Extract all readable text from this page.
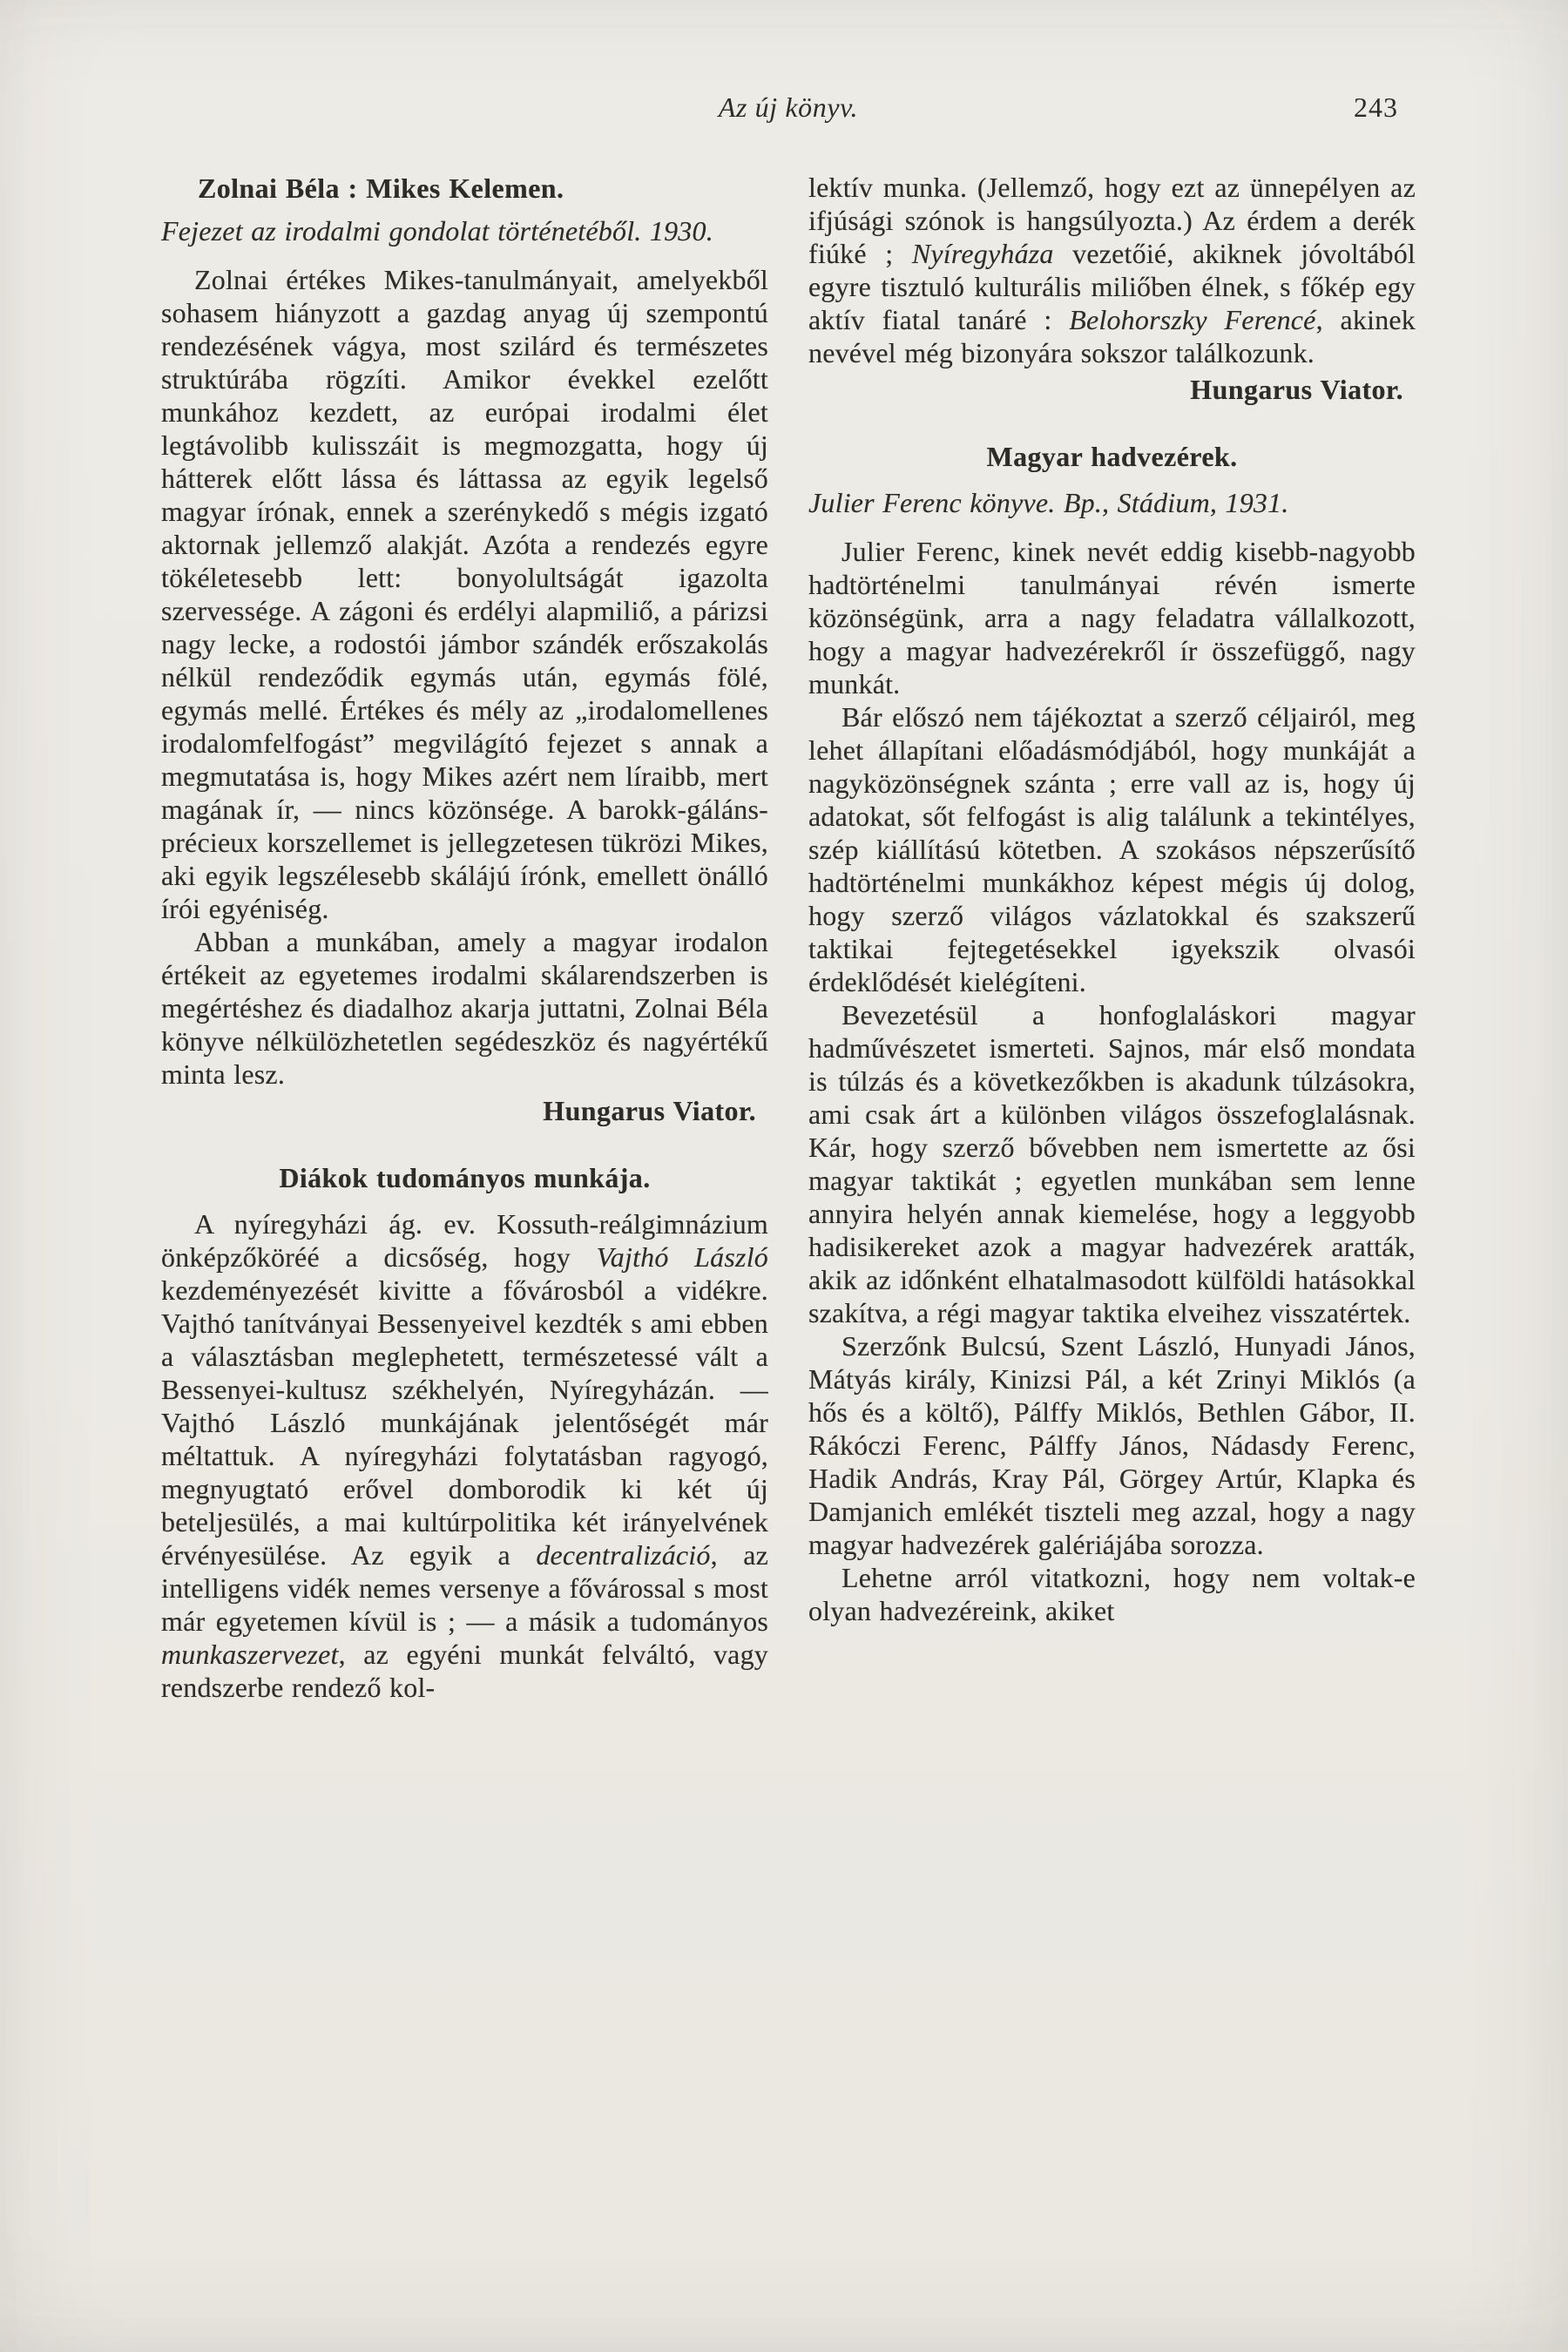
Az új könyv.	243
Zolnai Béla : Mikes Kelemen.
Fejezet az irodalmi gondolat történetéből. 1930.

Zolnai értékes Mikes-tanulmányait, amelyekből sohasem hiányzott a gazdag anyag új szempontú rendezésének vágya, most szilárd és természetes struktúrába rögzíti. Amikor évekkel ezelőtt munkához kezdett, az európai irodalmi élet legtávolibb kulisszáit is megmozgatta, hogy új hátterek előtt lássa és láttassa az egyik legelső magyar írónak, ennek a szerénykedő s mégis izgató aktornak jellemző alakját. Azóta a rendezés egyre tökéletesebb lett: bonyolultságát igazolta szervessége. A zágoni és erdélyi alapmiliő, a párizsi nagy lecke, a rodostói jámbor szándék erőszakolás nélkül rendeződik egymás után, egymás fölé, egymás mellé. Értékes és mély az „irodalomellenes irodalomfelfogást” megvilágító fejezet s annak a megmutatása is, hogy Mikes azért nem líraibb, mert magának ír, — nincs közönsége. A barokk-gáláns-précieux korszellemet is jellegzetesen tükrözi Mikes, aki egyik legszélesebb skálájú írónk, emellett önálló írói egyéniség.

Abban a munkában, amely a magyar irodalon értékeit az egyetemes irodalmi skálarendszerben is megértéshez és diadalhoz akarja juttatni, Zolnai Béla könyve nélkülözhetetlen segédeszköz és nagyértékű minta lesz.

Hungarus Viator.
Diákok tudományos munkája.

A nyíregyházi ág. ev. Kossuth-reálgimnázium önképzőköréé a dicsőség, hogy Vajthó László kezdeményezését kivitte a fővárosból a vidékre. Vajthó tanítványai Bessenyeivel kezdték s ami ebben a választásban meglephetett, természetessé vált a Bessenyei-kultusz székhelyén, Nyíregyházán. — Vajthó László munkájának jelentőségét már méltattuk. A nyíregyházi folytatásban ragyogó, megnyugtató erővel domborodik ki két új beteljesülés, a mai kultúrpolitika két irányelvének érvényesülése. Az egyik a decentralizáció, az intelligens vidék nemes versenye a fővárossal s most már egyetemen kívül is ; — a másik a tudományos munkaszervezet, az egyéni munkát felváltó, vagy rendszerbe rendező kol-

lektív munka. (Jellemző, hogy ezt az ünnepélyen az ifjúsági szónok is hangsúlyozta.) Az érdem a derék fiúké ; Nyíregyháza vezetőié, akiknek jóvoltából egyre tisztuló kulturális miliőben élnek, s főkép egy aktív fiatal tanáré : Belohorszky Ferencé, akinek nevével még bizonyára sokszor találkozunk.

Hungarus Viator.
Magyar hadvezérek.
Julier Ferenc könyve. Bp., Stádium, 1931.

Julier Ferenc, kinek nevét eddig kisebb-nagyobb hadtörténelmi tanulmányai révén ismerte közönségünk, arra a nagy feladatra vállalkozott, hogy a magyar hadvezérekről ír összefüggő, nagy munkát.

Bár előszó nem tájékoztat a szerző céljairól, meg lehet állapítani előadásmódjából, hogy munkáját a nagyközönségnek szánta ; erre vall az is, hogy új adatokat, sőt felfogást is alig találunk a tekintélyes, szép kiállítású kötetben. A szokásos népszerűsítő hadtörténelmi munkákhoz képest mégis új dolog, hogy szerző világos vázlatokkal és szakszerű taktikai fejtegetésekkel igyekszik olvasói érdeklődését kielégíteni.

Bevezetésül a honfoglaláskori magyar hadművészetet ismerteti. Sajnos, már első mondata is túlzás és a következőkben is akadunk túlzásokra, ami csak árt a különben világos összefoglalásnak. Kár, hogy szerző bővebben nem ismertette az ősi magyar taktikát ; egyetlen munkában sem lenne annyira helyén annak kiemelése, hogy a leggyobb hadisikereket azok a magyar hadvezérek aratták, akik az időnként elhatalmasodott külföldi hatásokkal szakítva, a régi magyar taktika elveihez visszatértek.

Szerzőnk Bulcsú, Szent László, Hunyadi János, Mátyás király, Kinizsi Pál, a két Zrinyi Miklós (a hős és a költő), Pálffy Miklós, Bethlen Gábor, II. Rákóczi Ferenc, Pálffy János, Nádasdy Ferenc, Hadik András, Kray Pál, Görgey Artúr, Klapka és Damjanich emlékét tiszteli meg azzal, hogy a nagy magyar hadvezérek galériájába sorozza.

Lehetne arról vitatkozni, hogy nem voltak-e olyan hadvezéreink, akiket
